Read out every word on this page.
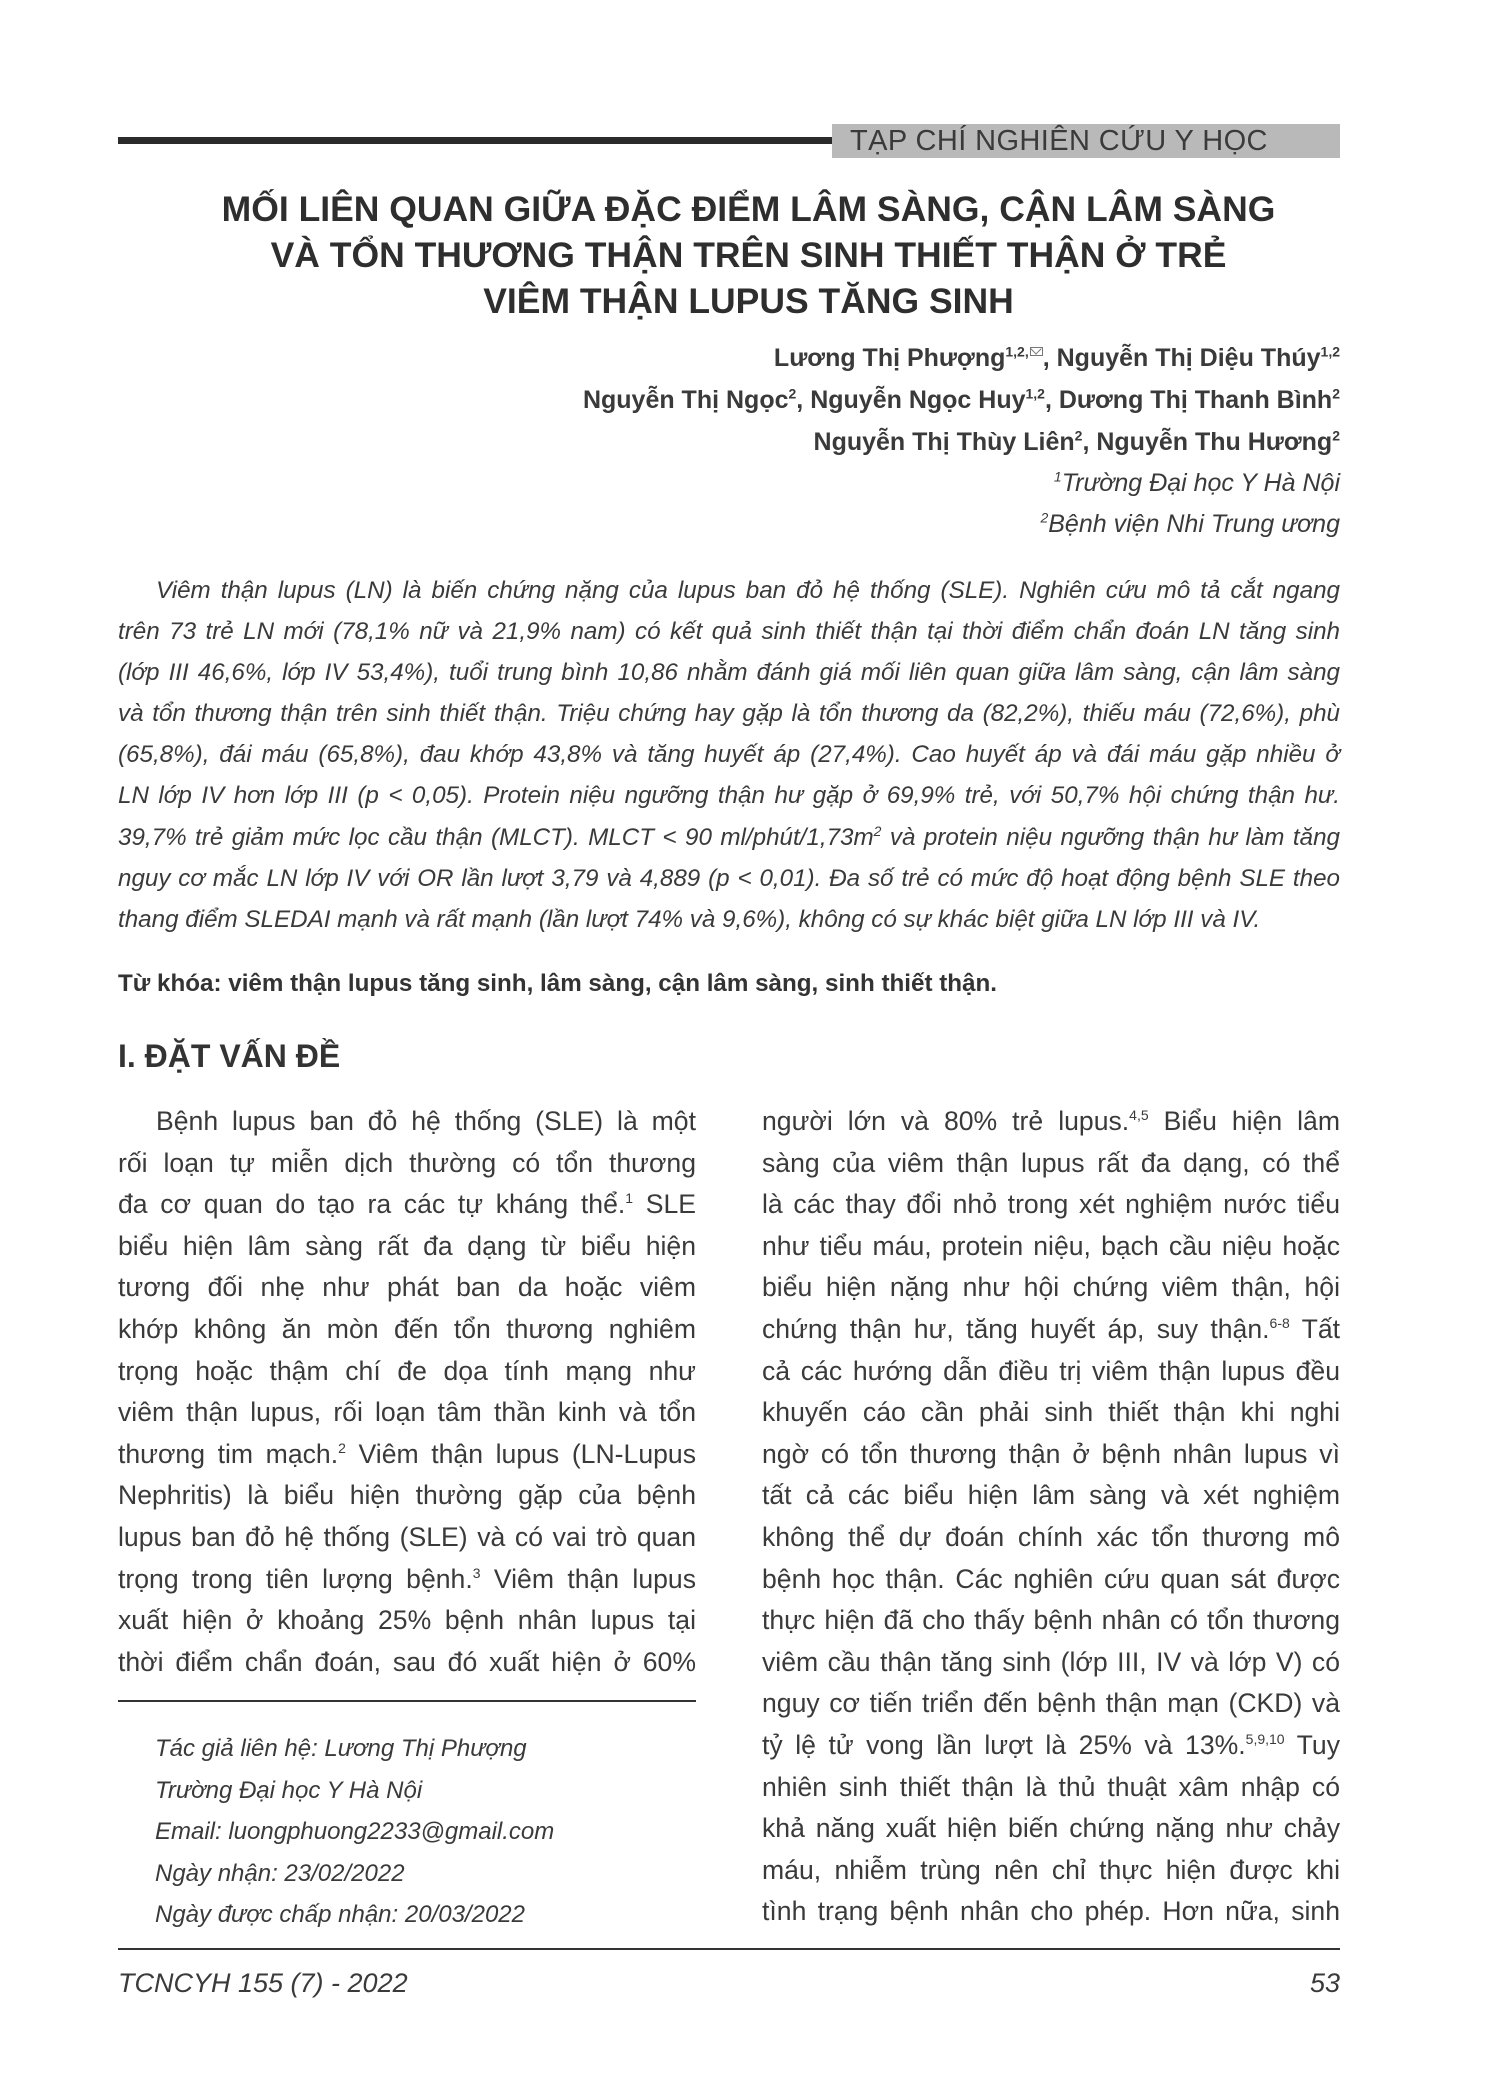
TẠP CHÍ NGHIÊN CỨU Y HỌC
MỐI LIÊN QUAN GIỮA ĐẶC ĐIỂM LÂM SÀNG, CẬN LÂM SÀNG
VÀ TỔN THƯƠNG THẬN TRÊN SINH THIẾT THẬN Ở TRẺ
VIÊM THẬN LUPUS TĂNG SINH
Lương Thị Phượng$^{1,2,}$ , Nguyễn Thị Diệu Thúy$^{1,2}$
Nguyễn Thị Ngọc$^2$, Nguyễn Ngọc Huy$^{1,2}$, Dương Thị Thanh Bình$^2$
Nguyễn Thị Thùy Liên$^2$, Nguyễn Thu Hương$^2$
$^1$Trường Đại học Y Hà Nội
$^2$Bệnh viện Nhi Trung ương
Viêm thận lupus (LN) là biến chứng nặng của lupus ban đỏ hệ thống (SLE). Nghiên cứu mô tả cắt ngang
trên 73 trẻ LN mới (78,1% nữ và 21,9% nam) có kết quả sinh thiết thận tại thời điểm chẩn đoán LN tăng sinh
(lớp III 46,6%, lớp IV 53,4%), tuổi trung bình 10,86 nhằm đánh giá mối liên quan giữa lâm sàng, cận lâm sàng
và tổn thương thận trên sinh thiết thận. Triệu chứng hay gặp là tổn thương da (82,2%), thiếu máu (72,6%), phù
(65,8%), đái máu (65,8%), đau khớp 43,8% và tăng huyết áp (27,4%). Cao huyết áp và đái máu gặp nhiều ở
LN lớp IV hơn lớp III (p < 0,05). Protein niệu ngưỡng thận hư gặp ở 69,9% trẻ, với 50,7% hội chứng thận hư.
39,7% trẻ giảm mức lọc cầu thận (MLCT). MLCT < 90 $ml/phút/1,73m^2$ và protein niệu ngưỡng thận hư làm tăng
nguy cơ mắc LN lớp IV với OR lần lượt 3,79 và 4,889 (p < 0,01). Đa số trẻ có mức độ hoạt động bệnh SLE theo
thang điểm SLEDAI mạnh và rất mạnh (lần lượt 74% và 9,6%), không có sự khác biệt giữa LN lớp III và IV.
Từ khóa: viêm thận lupus tăng sinh, lâm sàng, cận lâm sàng, sinh thiết thận.
I. ĐẶT VẤN ĐỀ
Bệnh lupus ban đỏ hệ thống (SLE) là một
rối loạn tự miễn dịch thường có tổn thương
đa cơ quan do tạo ra các tự kháng thể.$^1$ SLE
biểu hiện lâm sàng rất đa dạng từ biểu hiện
tương đối nhẹ như phát ban da hoặc viêm
khớp không ăn mòn đến tổn thương nghiêm
trọng hoặc thậm chí đe dọa tính mạng như
viêm thận lupus, rối loạn tâm thần kinh và tổn
thương tim mạch.$^2$ Viêm thận lupus (LN-Lupus
Nephritis) là biểu hiện thường gặp của bệnh
lupus ban đỏ hệ thống (SLE) và có vai trò quan
trọng trong tiên lượng bệnh.$^3$ Viêm thận lupus
xuất hiện ở khoảng 25% bệnh nhân lupus tại
thời điểm chẩn đoán, sau đó xuất hiện ở 60%
người lớn và 80% trẻ lupus.$^{4,5}$ Biểu hiện lâm
sàng của viêm thận lupus rất đa dạng, có thể
là các thay đổi nhỏ trong xét nghiệm nước tiểu
như tiểu máu, protein niệu, bạch cầu niệu hoặc
biểu hiện nặng như hội chứng viêm thận, hội
chứng thận hư, tăng huyết áp, suy thận.$^{6-8}$ Tất
cả các hướng dẫn điều trị viêm thận lupus đều
khuyến cáo cần phải sinh thiết thận khi nghi
ngờ có tổn thương thận ở bệnh nhân lupus vì
tất cả các biểu hiện lâm sàng và xét nghiệm
không thể dự đoán chính xác tổn thương mô
bệnh học thận. Các nghiên cứu quan sát được
thực hiện đã cho thấy bệnh nhân có tổn thương
viêm cầu thận tăng sinh (lớp III, IV và lớp V) có
nguy cơ tiến triển đến bệnh thận mạn (CKD) và
tỷ lệ tử vong lần lượt là 25% và 13%.$^{5,9,10}$ Tuy
nhiên sinh thiết thận là thủ thuật xâm nhập có
khả năng xuất hiện biến chứng nặng như chảy
máu, nhiễm trùng nên chỉ thực hiện được khi
tình trạng bệnh nhân cho phép. Hơn nữa, sinh
Tác giả liên hệ: Lương Thị Phượng
Trường Đại học Y Hà Nội
Email: luongphuong2233@gmail.com
Ngày nhận: 23/02/2022
Ngày được chấp nhận: 20/03/2022
TCNCYH 155 (7) - 2022	53
